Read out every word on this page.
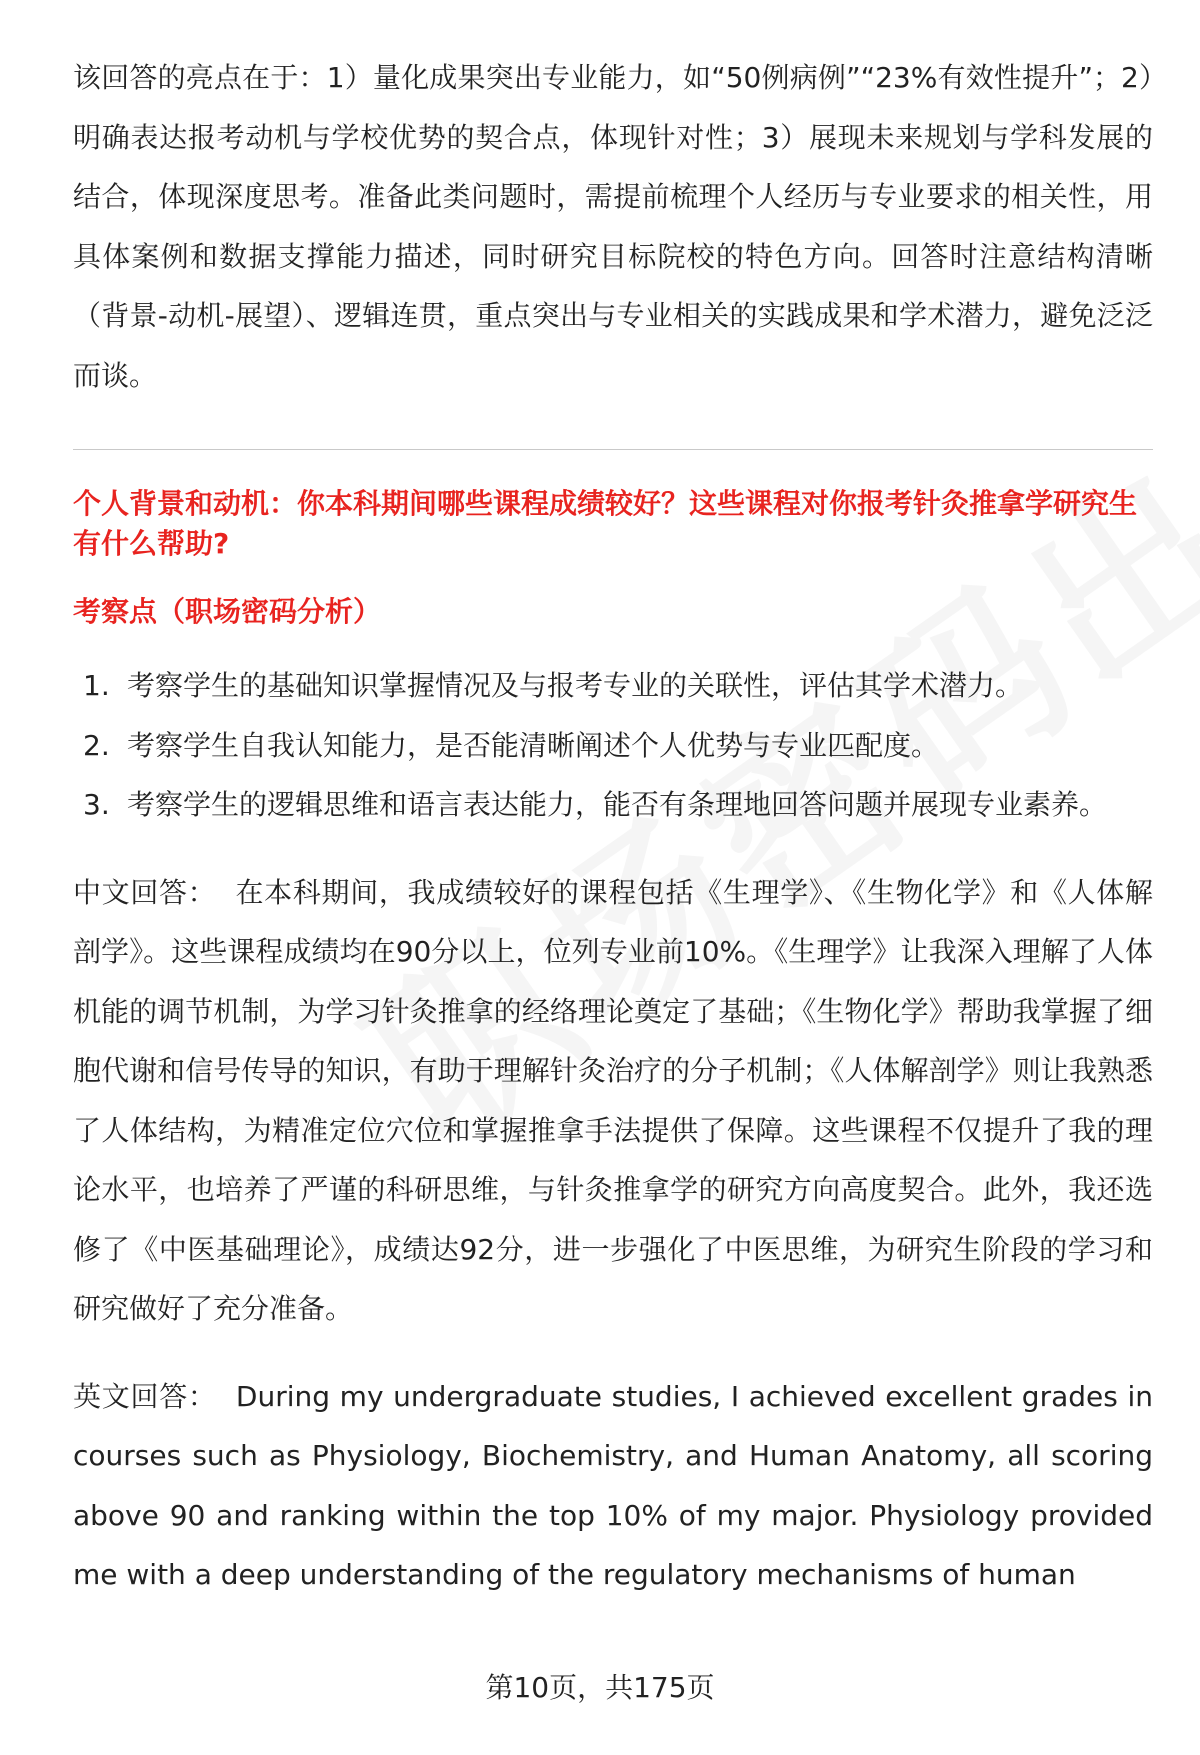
该回答的亮点在于：1）量化成果突出专业能力，如“50例病例”“23%有效性提升”；2）明确表达报考动机与学校优势的契合点，体现针对性；3）展现未来规划与学科发展的结合，体现深度思考。准备此类问题时，需提前梳理个人经历与专业要求的相关性，用具体案例和数据支撑能力描述，同时研究目标院校的特色方向。回答时注意结构清晰（背景-动机-展望）、逻辑连贯，重点突出与专业相关的实践成果和学术潜力，避免泛泛而谈。

个人背景和动机：你本科期间哪些课程成绩较好？这些课程对你报考针灸推拿学研究生有什么帮助?

考察点（职场密码分析）

1. 考察学生的基础知识掌握情况及与报考专业的关联性，评估其学术潜力。
2. 考察学生自我认知能力，是否能清晰阐述个人优势与专业匹配度。
3. 考察学生的逻辑思维和语言表达能力，能否有条理地回答问题并展现专业素养。

中文回答： 在本科期间，我成绩较好的课程包括《生理学》、《生物化学》和《人体解剖学》。这些课程成绩均在90分以上，位列专业前10%。《生理学》让我深入理解了人体机能的调节机制，为学习针灸推拿的经络理论奠定了基础；《生物化学》帮助我掌握了细胞代谢和信号传导的知识，有助于理解针灸治疗的分子机制；《人体解剖学》则让我熟悉了人体结构，为精准定位穴位和掌握推拿手法提供了保障。这些课程不仅提升了我的理论水平，也培养了严谨的科研思维，与针灸推拿学的研究方向高度契合。此外，我还选修了《中医基础理论》，成绩达92分，进一步强化了中医思维，为研究生阶段的学习和研究做好了充分准备。

英文回答： During my undergraduate studies, I achieved excellent grades in courses such as Physiology, Biochemistry, and Human Anatomy, all scoring above 90 and ranking within the top 10% of my major. Physiology provided me with a deep understanding of the regulatory mechanisms of human

第10页，共175页
